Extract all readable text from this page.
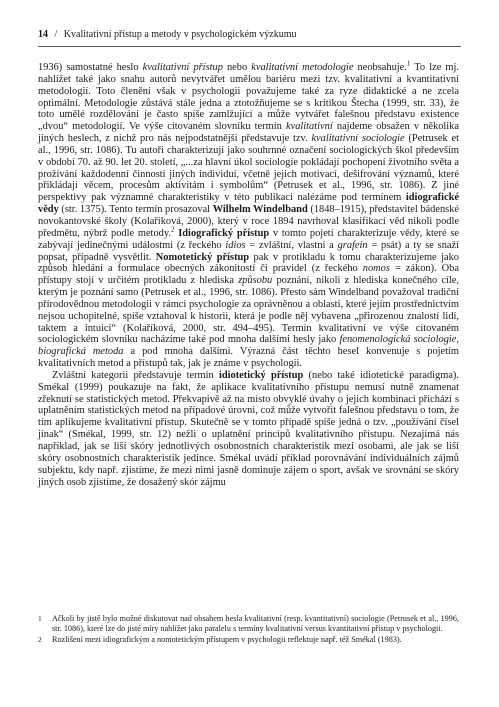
14 / Kvalitativní přístup a metody v psychologickém výzkumu

1936) samostatné heslo kvalitativní přístup nebo kvalitativní metodologie neobsahuje.$^1$ To lze mj. nahlížet také jako snahu autorů nevytvářet umělou bariéru mezi tzv. kvalitativní a kvantitativní metodologií. Toto členění však v psychologii považujeme také za ryze didaktické a ne zcela optimální. Metodologie zůstává stále jedna a ztotožňujeme se s kritikou Štecha (1999, str. 33), že toto umělé rozdělování je často spíše zamlžující a může vytvářet falešnou představu existence „dvou“ metodologií. Ve výše citovaném slovníku termín kvalitativní najdeme obsažen v několika jiných heslech, z nichž pro nás nejpodstatnější představuje tzv. kvalitativní sociologie (Petrusek et al., 1996, str. 1086). Tu autoři charakterizují jako souhrnné označení sociologických škol především v období 70. až 90. let 20. století, „...za hlavní úkol sociologie pokládají pochopení životního světa a prožívání každodenní činnosti jiných individuí, včetně jejich motivací, dešifrování významů, které přikládají věcem, procesům aktivitám i symbolům“ (Petrusek et al., 1996, str. 1086). Z jiné perspektivy pak významné charakteristiky v této publikaci nalézáme pod termínem idiografické vědy (str. 1375). Tento termín prosazoval Wilhelm Windelband (1848–1915), představitel bádenské novokantovské školy (Kolaříková, 2000), který v roce 1894 navrhoval klasifikaci věd nikoli podle předmětu, nýbrž podle metody.$^2$ Idiografický přístup v tomto pojetí charakterizuje vědy, které se zabývají jedinečnými událostmi (z řeckého idios = zvláštní, vlastní a grafein = psát) a ty se snaží popsat, případně vysvětlit. Nomotetický přístup pak v protikladu k tomu charakterizujeme jako způsob hledání a formulace obecných zákonitostí či pravidel (z řeckého nomos = zákon). Oba přístupy stojí v určitém protikladu z hlediska způsobu poznání, nikoli z hlediska konečného cíle, kterým je poznání samo (Petrusek et al., 1996, str. 1086). Přesto sám Windelband považoval tradiční přírodovědnou metodologii v rámci psychologie za oprávněnou a oblasti, které jejím prostřednictvím nejsou uchopitelné, spíše vztahoval k historii, která je podle něj vybavena „přirozenou znalostí lidí, taktem a intuicí“ (Kolaříková, 2000, str. 494–495). Termín kvalitativní ve výše citovaném sociologickém slovníku nacházíme také pod mnoha dalšími hesly jako fenomenologická sociologie, biografická metoda a pod mnoha dalšími. Výrazná část těchto hesel konvenuje s pojetím kvalitativních metod a přístupů tak, jak je známe v psychologii.

Zvláštní kategorii představuje termín idiotetický přístup (nebo také idiotetické paradigma). Smékal (1999) poukazuje na fakt, že aplikace kvalitativního přístupu nemusí nutně znamenat zřeknutí se statistických metod. Překvapivě až na místo obvyklé úvahy o jejich kombinaci přichází s uplatněním statistických metod na případové úrovni, což může vytvořit falešnou představu o tom, že tím aplikujeme kvalitativní přístup. Skutečně se v tomto případě spíše jedná o tzv. „používání čísel jinak“ (Smékal, 1999, str. 12) nežli o uplatnění principů kvalitativního přístupu. Nezajímá nás například, jak se liší skóry jednotlivých osobnostních charakteristik mezi osobami, ale jak se liší skóry osobnostních charakteristik jedince. Smékal uvádí příklad porovnávání individuálních zájmů subjektu, kdy např. zjistíme, že mezi nimi jasně dominuje zájem o sport, avšak ve srovnání se skóry jiných osob zjistíme, že dosažený skór zájmu

1 Ačkoli by jistě bylo možné diskutovat nad obsahem hesla kvalitativní (resp. kvantitativní) sociologie (Petrusek et al., 1996, str. 1086), které lze do jisté míry nahlížet jako paralelu s termíny kvalitativní versus kvantitativní přístup v psychologii.
2 Rozlišení mezi idiografickým a nomotetickým přístupem v psychologii reflektuje např. též Smékal (1983).
